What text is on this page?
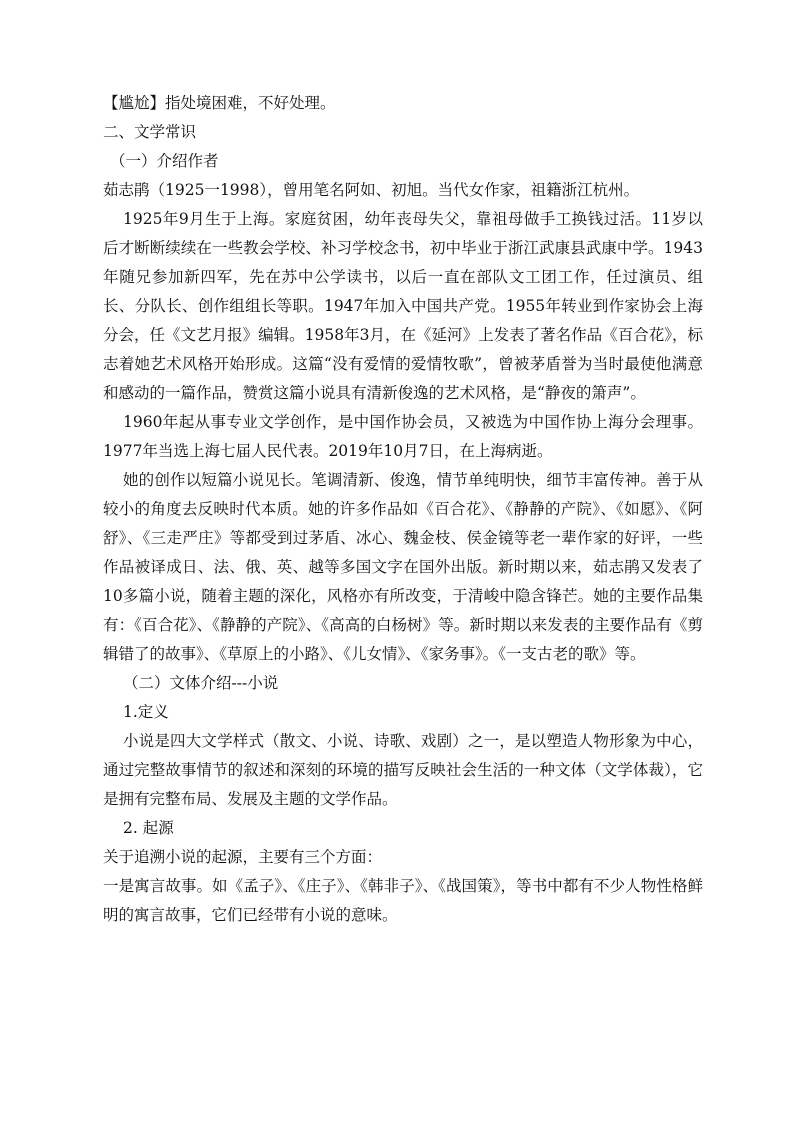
【尴尬】指处境困难，不好处理。

二、文学常识

（一）介绍作者

茹志鹃（1925一1998），曾用笔名阿如、初旭。当代女作家，祖籍浙江杭州。

1925年9月生于上海。家庭贫困，幼年丧母失父，靠祖母做手工换钱过活。11岁以后才断断续续在一些教会学校、补习学校念书，初中毕业于浙江武康县武康中学。1943年随兄参加新四军，先在苏中公学读书，以后一直在部队文工团工作，任过演员、组长、分队长、创作组组长等职。1947年加入中国共产党。1955年转业到作家协会上海分会，任《文艺月报》编辑。1958年3月，在《延河》上发表了著名作品《百合花》，标志着她艺术风格开始形成。这篇“没有爱情的爱情牧歌”，曾被茅盾誉为当时最使他满意和感动的一篇作品，赞赏这篇小说具有清新俊逸的艺术风格，是“静夜的箫声”。

1960年起从事专业文学创作，是中国作协会员，又被选为中国作协上海分会理事。1977年当选上海七届人民代表。2019年10月7日，在上海病逝。

她的创作以短篇小说见长。笔调清新、俊逸，情节单纯明快，细节丰富传神。善于从较小的角度去反映时代本质。她的许多作品如《百合花》、《静静的产院》、《如愿》、《阿舒》、《三走严庄》等都受到过茅盾、冰心、魏金枝、侯金镜等老一辈作家的好评，一些作品被译成日、法、俄、英、越等多国文字在国外出版。新时期以来，茹志鹃又发表了10多篇小说，随着主题的深化，风格亦有所改变，于清峻中隐含锋芒。她的主要作品集有：《百合花》、《静静的产院》、《高高的白杨树》等。新时期以来发表的主要作品有《剪辑错了的故事》、《草原上的小路》、《儿女情》、《家务事》。《一支古老的歌》等。

（二）文体介绍---小说

1.定义

小说是四大文学样式（散文、小说、诗歌、戏剧）之一，是以塑造人物形象为中心，通过完整故事情节的叙述和深刻的环境的描写反映社会生活的一种文体（文学体裁），它是拥有完整布局、发展及主题的文学作品。

2. 起源

关于追溯小说的起源，主要有三个方面：

一是寓言故事。如《孟子》、《庄子》、《韩非子》、《战国策》，等书中都有不少人物性格鲜明的寓言故事，它们已经带有小说的意味。
